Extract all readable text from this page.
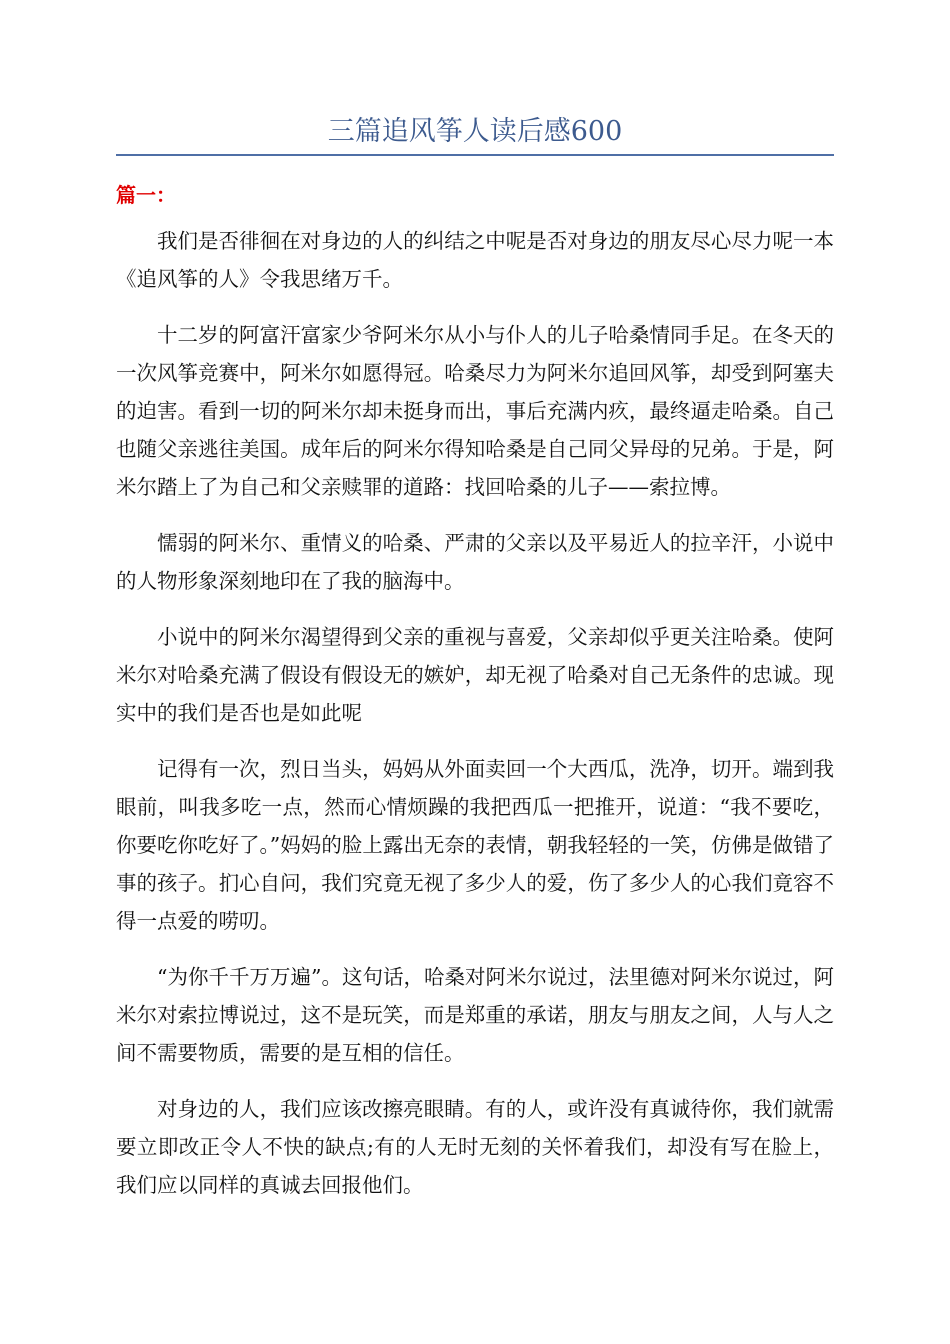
三篇追风筝人读后感600
篇一：

我们是否徘徊在对身边的人的纠结之中呢是否对身边的朋友尽心尽力呢一本《追风筝的人》令我思绪万千。

十二岁的阿富汗富家少爷阿米尔从小与仆人的儿子哈桑情同手足。在冬天的一次风筝竞赛中，阿米尔如愿得冠。哈桑尽力为阿米尔追回风筝，却受到阿塞夫的迫害。看到一切的阿米尔却未挺身而出，事后充满内疚，最终逼走哈桑。自己也随父亲逃往美国。成年后的阿米尔得知哈桑是自己同父异母的兄弟。于是，阿米尔踏上了为自己和父亲赎罪的道路：找回哈桑的儿子——索拉博。

懦弱的阿米尔、重情义的哈桑、严肃的父亲以及平易近人的拉辛汗，小说中的人物形象深刻地印在了我的脑海中。

小说中的阿米尔渴望得到父亲的重视与喜爱，父亲却似乎更关注哈桑。使阿米尔对哈桑充满了假设有假设无的嫉妒，却无视了哈桑对自己无条件的忠诚。现实中的我们是否也是如此呢

记得有一次，烈日当头，妈妈从外面卖回一个大西瓜，洗净，切开。端到我眼前，叫我多吃一点，然而心情烦躁的我把西瓜一把推开，说道：“我不要吃，你要吃你吃好了。”妈妈的脸上露出无奈的表情，朝我轻轻的一笑，仿佛是做错了事的孩子。扪心自问，我们究竟无视了多少人的爱，伤了多少人的心我们竟容不得一点爱的唠叨。

“为你千千万万遍”。这句话，哈桑对阿米尔说过，法里德对阿米尔说过，阿米尔对索拉博说过，这不是玩笑，而是郑重的承诺，朋友与朋友之间，人与人之间不需要物质，需要的是互相的信任。

对身边的人，我们应该改擦亮眼睛。有的人，或许没有真诚待你，我们就需要立即改正令人不快的缺点;有的人无时无刻的关怀着我们，却没有写在脸上，我们应以同样的真诚去回报他们。
